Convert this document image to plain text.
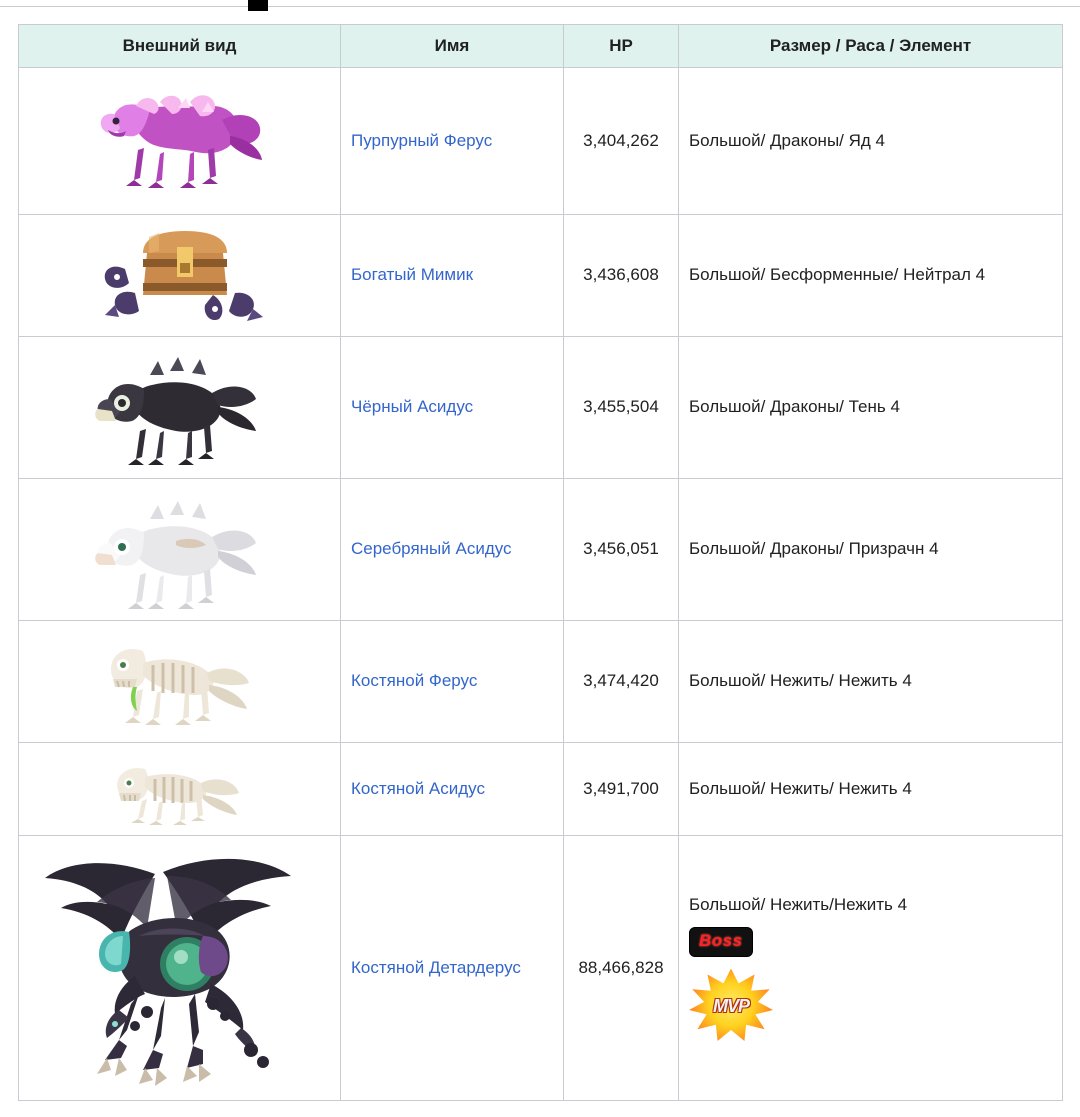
Внешний вид	Имя	HP	Размер / Раса / Элемент

	Пурпурный Ферус	3,404,262	Большой/ Драконы/ Яд 4

	Богатый Мимик	3,436,608	Большой/ Бесформенные/ Нейтрал 4

	Чёрный Асидус	3,455,504	Большой/ Драконы/ Тень 4

	Серебряный Асидус	3,456,051	Большой/ Драконы/ Призрачн 4

	Костяной Ферус	3,474,420	Большой/ Нежить/ Нежить 4

	Костяной Асидус	3,491,700	Большой/ Нежить/ Нежить 4

	Костяной Детардерус	88,466,828	Большой/ Нежить/Нежить 4
Boss
MVP
